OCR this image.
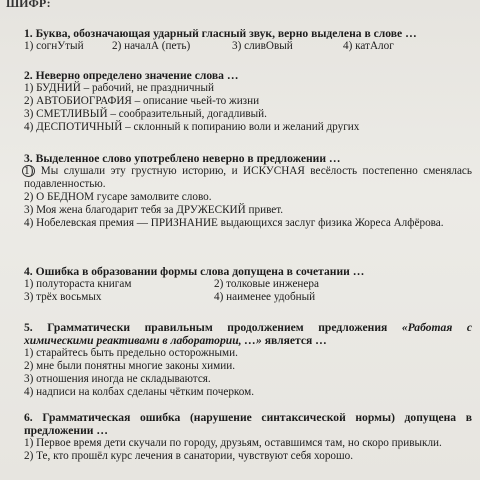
ШИФР:
1. Буква, обозначающая ударный гласный звук, верно выделена в слове …
1) согнУтый	2) началА (петь)	3) сливОвый	4) катАлог
2. Неверно определено значение слова …
1) БУДНИЙ – рабочий, не праздничный
2) АВТОБИОГРАФИЯ – описание чьей-то жизни
3) СМЕТЛИВЫЙ – сообразительный, догадливый.
4) ДЕСПОТИЧНЫЙ – склонный к попиранию воли и желаний других
3. Выделенное слово употреблено неверно в предложении …
1) Мы слушали эту грустную историю, и ИСКУСНАЯ весёлость постепенно сменялась подавленностью.
2) О БЕДНОМ гусаре замолвите слово.
3) Моя жена благодарит тебя за ДРУЖЕСКИЙ привет.
4) Нобелевская премия — ПРИЗНАНИЕ выдающихся заслуг физика Жореса Алфёрова.
4. Ошибка в образовании формы слова допущена в сочетании …
1) полутораста книгам	2) толковые инженера
3) трёх восьмых	4) наименее удобный
5. Грамматически правильным продолжением предложения «Работая с химическими реактивами в лаборатории, …» является …
1) старайтесь быть предельно осторожными.
2) мне были понятны многие законы химии.
3) отношения иногда не складываются.
4) надписи на колбах сделаны чётким почерком.
6. Грамматическая ошибка (нарушение синтаксической нормы) допущена в предложении …
1) Первое время дети скучали по городу, друзьям, оставшимся там, но скоро привыкли.
2) Те, кто прошёл курс лечения в санатории, чувствуют себя хорошо.
